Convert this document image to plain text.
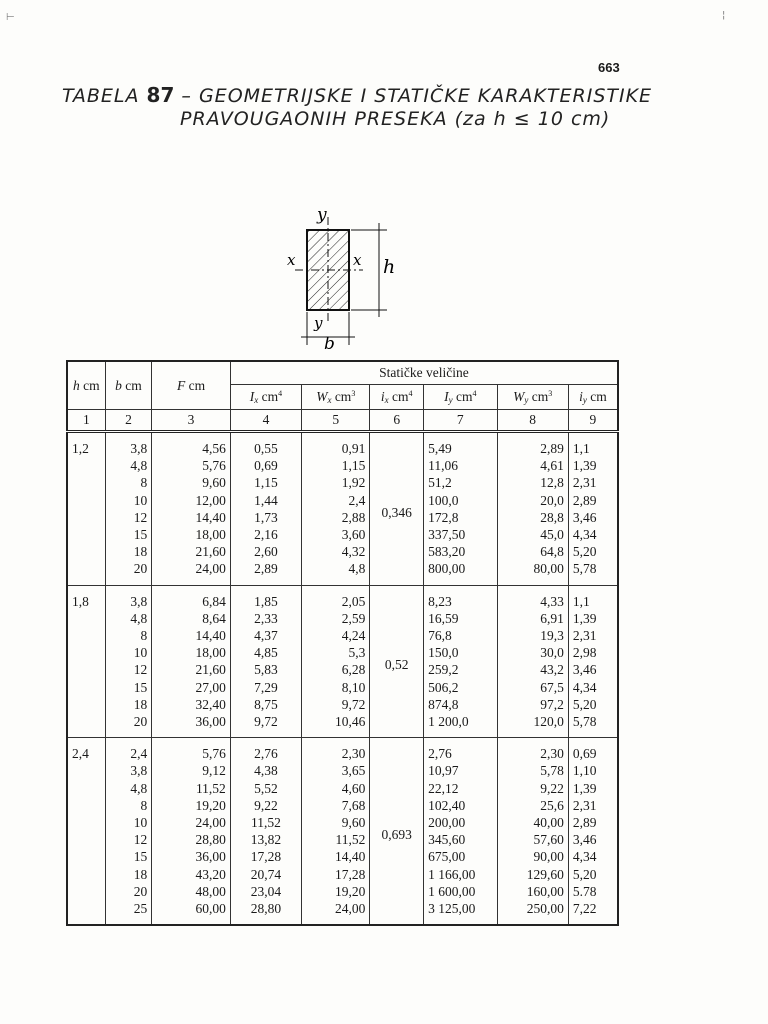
⊢	¦
663
TABELA 87 – GEOMETRIJSKE I STATIČKE KARAKTERISTIKE
PRAVOUGAONIH PRESEKA (za h ≤ 10 cm)
y
y
x	x h
b
h cm	b cm	F cm	Statičke veličine					
			$I_x$ $cm^4$	$W_x$ $cm^3$	$i_x$ $cm^4$	$I_y$ $cm^4$	$W_y$ $cm^3$	$i_y$ cm
1	2	3	4	5	6	7	8	9
1,2	3,8	4,56	0,55	0,91	0,346	5,49	2,89	1,1
	4,8	5,76	0,69	1,15		11,06	4,61	1,39
	8	9,60	1,15	1,92		51,2	12,8	2,31
	10	12,00	1,44	2,4		100,0	20,0	2,89
	12	14,40	1,73	2,88		172,8	28,8	3,46
	15	18,00	2,16	3,60		337,50	45,0	4,34
	18	21,60	2,60	4,32		583,20	64,8	5,20
	20	24,00	2,89	4,8		800,00	80,00	5,78
1,8	3,8	6,84	1,85	2,05	0,52	8,23	4,33	1,1
	4,8	8,64	2,33	2,59		16,59	6,91	1,39
	8	14,40	4,37	4,24		76,8	19,3	2,31
	10	18,00	4,85	5,3		150,0	30,0	2,98
	12	21,60	5,83	6,28		259,2	43,2	3,46
	15	27,00	7,29	8,10		506,2	67,5	4,34
	18	32,40	8,75	9,72		874,8	97,2	5,20
	20	36,00	9,72	10,46		1 200,0	120,0	5,78
2,4	2,4	5,76	2,76	2,30	0,693	2,76	2,30	0,69
	3,8	9,12	4,38	3,65		10,97	5,78	1,10
	4,8	11,52	5,52	4,60		22,12	9,22	1,39
	8	19,20	9,22	7,68		102,40	25,6	2,31
	10	24,00	11,52	9,60		200,00	40,00	2,89
	12	28,80	13,82	11,52		345,60	57,60	3,46
	15	36,00	17,28	14,40		675,00	90,00	4,34
	18	43,20	20,74	17,28		1 166,00	129,60	5,20
	20	48,00	23,04	19,20		1 600,00	160,00	5.78
	25	60,00	28,80	24,00		3 125,00	250,00	7,22
